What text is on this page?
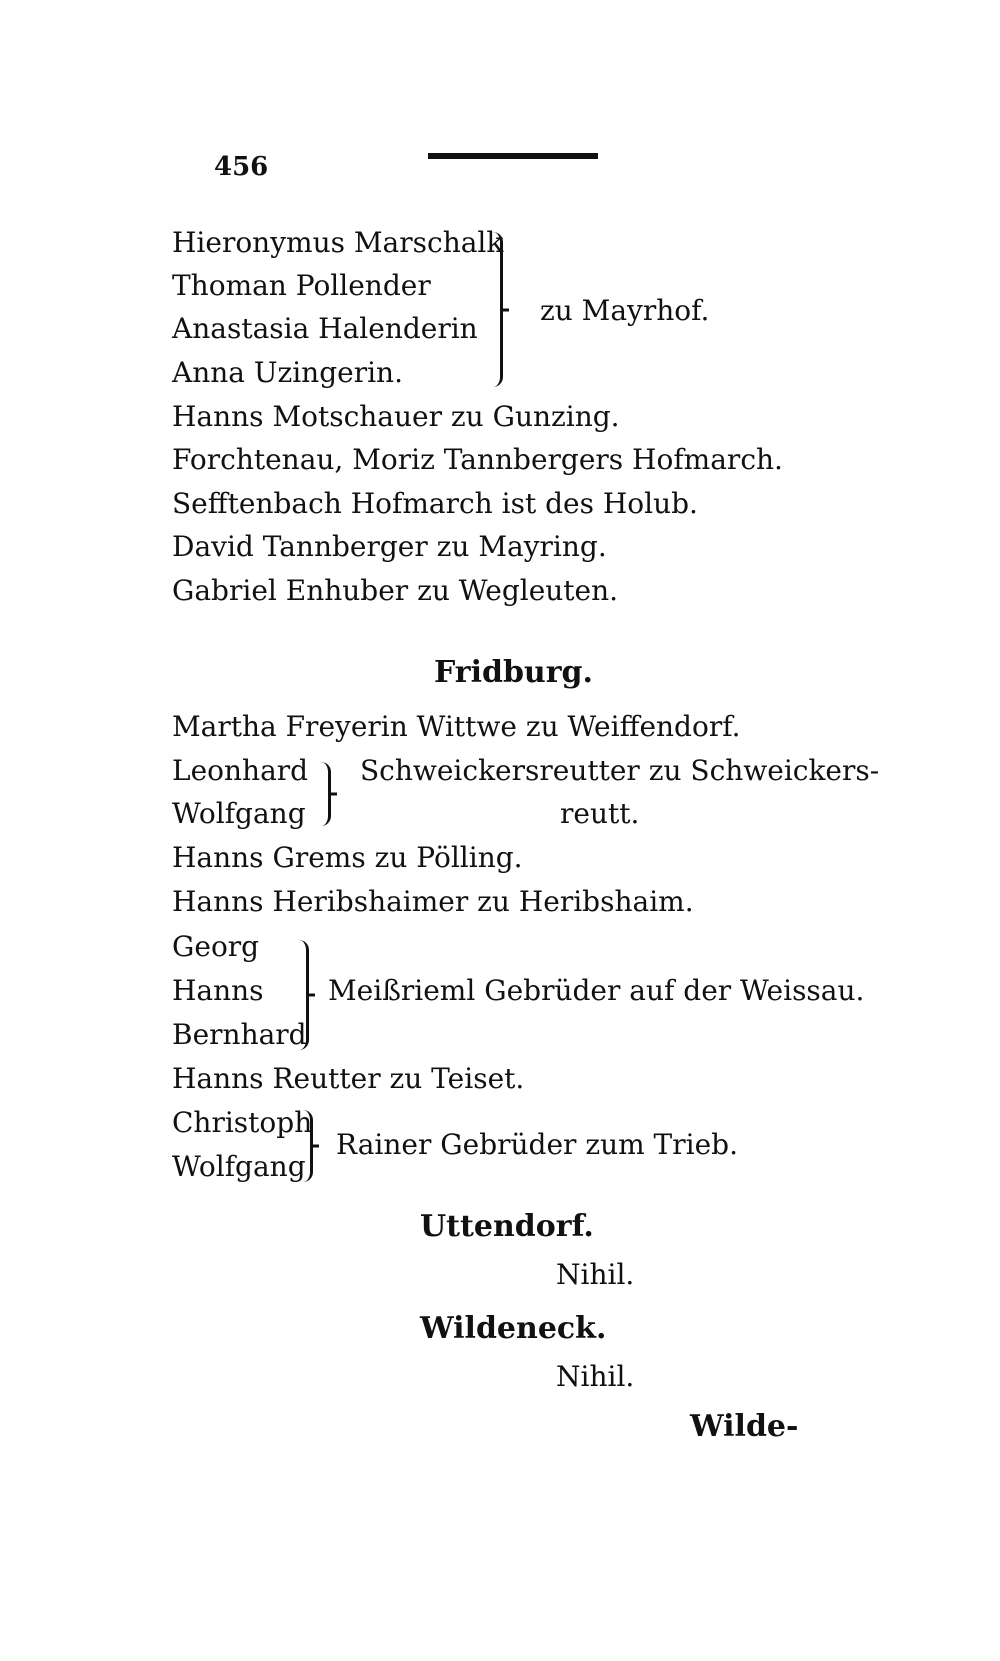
456
Hieronymus Marschalk
Thoman Pollender
Anastasia Halenderin
Anna Uzingerin.
zu Mayrhof.
Hanns Motschauer zu Gunzing.
Forchtenau, Moriz Tannbergers Hofmarch.
Sefftenbach Hofmarch ist des Holub.
David Tannberger zu Mayring.
Gabriel Enhuber zu Wegleuten.
Fridburg.
Martha Freyerin Wittwe zu Weiffendorf.
Leonhard
Wolfgang
Schweickersreutter zu Schweickers-
reutt.
Hanns Grems zu Pölling.
Hanns Heribshaimer zu Heribshaim.
Georg
Hanns
Bernhard
Meißrieml Gebrüder auf der Weissau.
Hanns Reutter zu Teiset.
Christoph
Wolfgang
Rainer Gebrüder zum Trieb.
Uttendorf.
Nihil.
Wildeneck.
Nihil.
Wilde-
